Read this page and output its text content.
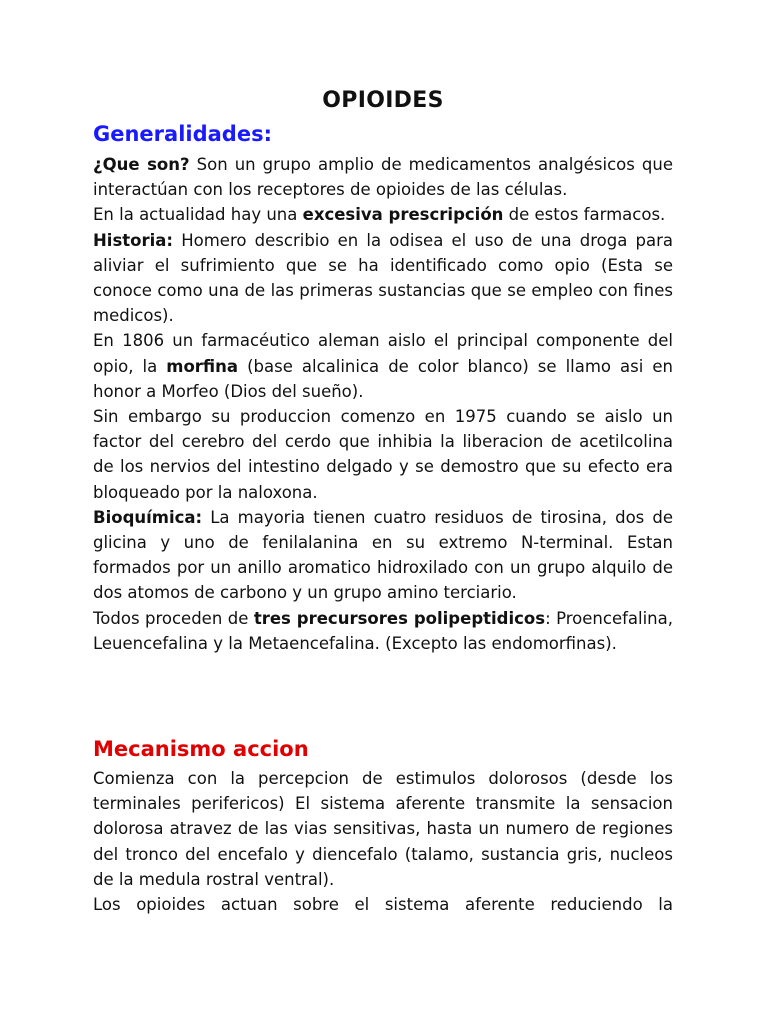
OPIOIDES
Generalidades:

¿Que son? Son un grupo amplio de medicamentos analgésicos que interactúan con los receptores de opioides de las células.

En la actualidad hay una excesiva prescripción de estos farmacos.

Historia: Homero describio en la odisea el uso de una droga para aliviar el sufrimiento que se ha identificado como opio (Esta se conoce como una de las primeras sustancias que se empleo con fines medicos).

En 1806 un farmacéutico aleman aislo el principal componente del opio, la morfina (base alcalinica de color blanco) se llamo asi en honor a Morfeo (Dios del sueño).

Sin embargo su produccion comenzo en 1975 cuando se aislo un factor del cerebro del cerdo que inhibia la liberacion de acetilcolina de los nervios del intestino delgado y se demostro que su efecto era bloqueado por la naloxona.

Bioquímica: La mayoria tienen cuatro residuos de tirosina, dos de glicina y uno de fenilalanina en su extremo N-terminal. Estan formados por un anillo aromatico hidroxilado con un grupo alquilo de dos atomos de carbono y un grupo amino terciario.

Todos proceden de tres precursores polipeptidicos: Proencefalina, Leuencefalina y la Metaencefalina. (Excepto las endomorfinas).

Mecanismo accion

Comienza con la percepcion de estimulos dolorosos (desde los terminales perifericos) El sistema aferente transmite la sensacion dolorosa atravez de las vias sensitivas, hasta un numero de regiones del tronco del encefalo y diencefalo (talamo, sustancia gris, nucleos de la medula rostral ventral).

Los opioides actuan sobre el sistema aferente reduciendo la
